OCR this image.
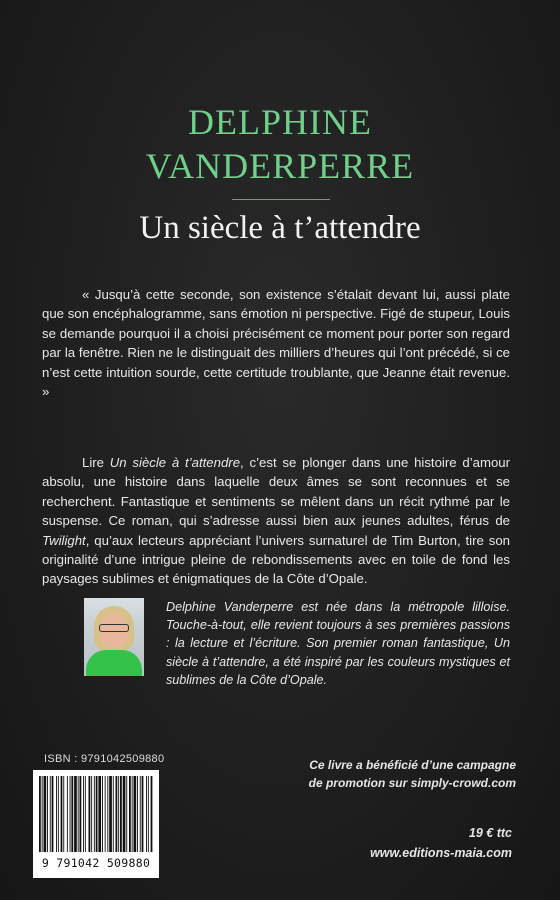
DELPHINE
VANDERPERRE
Un siècle à t’attendre

« Jusqu’à cette seconde, son existence s’étalait devant lui, aussi plate que son encéphalogramme, sans émotion ni perspective. Figé de stupeur, Louis se demande pourquoi il a choisi précisément ce moment pour porter son regard par la fenêtre. Rien ne le distinguait des milliers d’heures qui l’ont précédé, si ce n’est cette intuition sourde, cette certitude troublante, que Jeanne était revenue. »

Lire Un siècle à t’attendre, c’est se plonger dans une histoire d’amour absolu, une histoire dans laquelle deux âmes se sont reconnues et se recherchent. Fantastique et sentiments se mêlent dans un récit rythmé par le suspense. Ce roman, qui s’adresse aussi bien aux jeunes adultes, férus de Twilight, qu’aux lecteurs appréciant l’univers surnaturel de Tim Burton, tire son originalité d’une intrigue pleine de rebondissements avec en toile de fond les paysages sublimes et énigmatiques de la Côte d’Opale.

Delphine Vanderperre est née dans la métropole lilloise. Touche-à-tout, elle revient toujours à ses premières passions : la lecture et l’écriture. Son premier roman fantastique, Un siècle à t’attendre, a été inspiré par les couleurs mystiques et sublimes de la Côte d’Opale.

ISBN : 9791042509880
9 791042 509880
Ce livre a bénéficié d’une campagne
de promotion sur simply-crowd.com
19 € ttc
www.editions-maia.com
